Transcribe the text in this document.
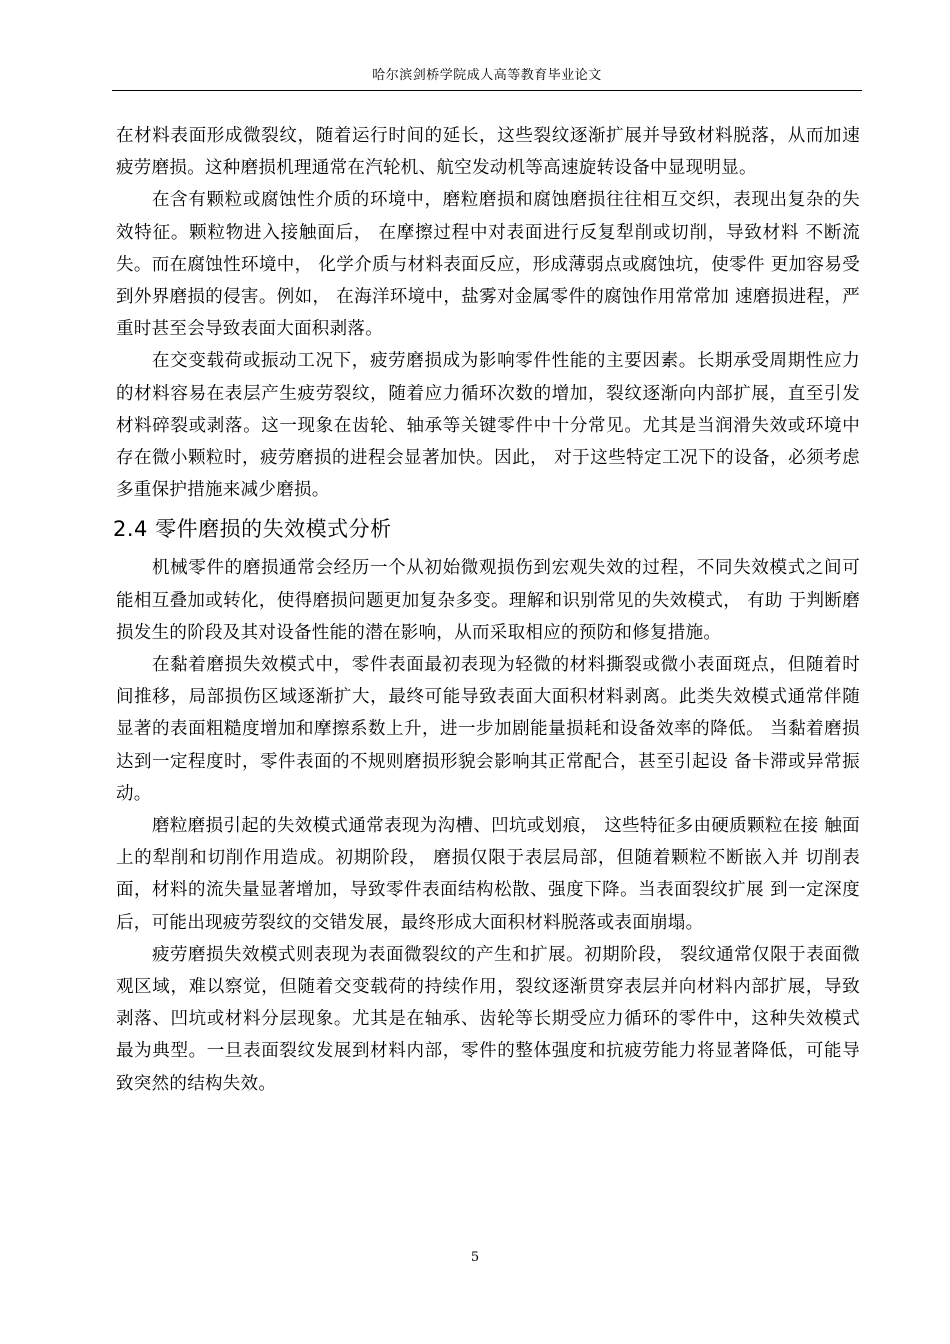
哈尔滨剑桥学院成人高等教育毕业论文

在材料表面形成微裂纹，随着运行时间的延长，这些裂纹逐渐扩展并导致材料脱落，从而加速疲劳磨损。这种磨损机理通常在汽轮机、航空发动机等高速旋转设备中显现明显。

在含有颗粒或腐蚀性介质的环境中，磨粒磨损和腐蚀磨损往往相互交织，表现出复杂的失效特征。颗粒物进入接触面后， 在摩擦过程中对表面进行反复犁削或切削，导致材料 不断流失。而在腐蚀性环境中， 化学介质与材料表面反应，形成薄弱点或腐蚀坑，使零件 更加容易受到外界磨损的侵害。例如， 在海洋环境中，盐雾对金属零件的腐蚀作用常常加 速磨损进程，严重时甚至会导致表面大面积剥落。

在交变载荷或振动工况下，疲劳磨损成为影响零件性能的主要因素。长期承受周期性应力的材料容易在表层产生疲劳裂纹，随着应力循环次数的增加，裂纹逐渐向内部扩展，直至引发材料碎裂或剥落。这一现象在齿轮、轴承等关键零件中十分常见。尤其是当润滑失效或环境中存在微小颗粒时，疲劳磨损的进程会显著加快。因此， 对于这些特定工况下的设备，必须考虑多重保护措施来减少磨损。

2.4 零件磨损的失效模式分析

机械零件的磨损通常会经历一个从初始微观损伤到宏观失效的过程，不同失效模式之间可能相互叠加或转化，使得磨损问题更加复杂多变。理解和识别常见的失效模式， 有助 于判断磨损发生的阶段及其对设备性能的潜在影响，从而采取相应的预防和修复措施。

在黏着磨损失效模式中，零件表面最初表现为轻微的材料撕裂或微小表面斑点，但随着时间推移，局部损伤区域逐渐扩大，最终可能导致表面大面积材料剥离。此类失效模式通常伴随显著的表面粗糙度增加和摩擦系数上升，进一步加剧能量损耗和设备效率的降低。 当黏着磨损达到一定程度时，零件表面的不规则磨损形貌会影响其正常配合，甚至引起设 备卡滞或异常振动。

磨粒磨损引起的失效模式通常表现为沟槽、凹坑或划痕， 这些特征多由硬质颗粒在接 触面上的犁削和切削作用造成。初期阶段， 磨损仅限于表层局部，但随着颗粒不断嵌入并 切削表面，材料的流失量显著增加，导致零件表面结构松散、强度下降。当表面裂纹扩展 到一定深度后，可能出现疲劳裂纹的交错发展，最终形成大面积材料脱落或表面崩塌。

疲劳磨损失效模式则表现为表面微裂纹的产生和扩展。初期阶段， 裂纹通常仅限于表面微观区域，难以察觉，但随着交变载荷的持续作用，裂纹逐渐贯穿表层并向材料内部扩展，导致剥落、凹坑或材料分层现象。尤其是在轴承、齿轮等长期受应力循环的零件中，这种失效模式最为典型。一旦表面裂纹发展到材料内部，零件的整体强度和抗疲劳能力将显著降低，可能导致突然的结构失效。

5
